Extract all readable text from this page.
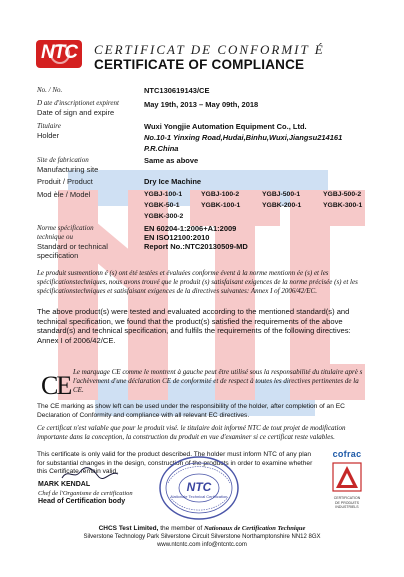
NTC	CERTIFICAT DE CONFORMIT É
CERTIFICATE OF COMPLIANCE
No. / No.	NTC130619143/CE
D ate d'inscriptionet expirent
Date of sign and expire
May 19th, 2013 – May 09th, 2018
Titulaire
Holder
Wuxi Yongjie Automation Equipment Co., Ltd.
No.10-1 Yinxing Road,Hudai,Binhu,Wuxi,Jiangsu214161
P.R.China
Site de fabrication
Manufacturing site
Same as above
Produit / Product	Dry Ice Machine
Mod èle / Model	YGBJ-100-1	YGBJ-100-2	YGBJ-500-1	YGBJ-500-2
YGBK-50-1	YGBK-100-1	YGBK-200-1	YGBK-300-1
YGBK-300-2
Norme spécification
technique ou
Standard or technical
specification
EN 60204-1:2006+A1:2009
EN ISO12100:2010
Report No.:NTC20130509-MD
Le produit susmentionn é (s) ont été testées et évaluées conforme évent à la norme mentionn ée (s) et les spécificationstechniques, nous avons trouvé que le produit (s) satisfaisant exigences de la norme précisée (s) et les spécificationstechniques et satisfaisant exigences de la directives suivantes: Annex I of 2006/42/EC.
The above product(s) were tested and evaluated according to the mentioned standard(s) and technical specification, we found that the product(s) satisfied the requirements of the above standard(s) and technical specification, and fulfils the requirements of the following directives: Annex I of 2006/42/CE.
CE Le marquage CE comme le montrent à gauche peut être utilisé sous la responsabilité du titulaire aprè s l'achèvement d'une déclaration CE de conformité et de respect à toutes les directives pertinentes de la CE.
The CE marking as show left can be used under the responsibility of the holder, after completion of an EC Declaration of Conformity and compliance with all relevant EC directives.
Ce certificat n'est valable que pour le produit visé. le titulaire doit informé NTC de tout projet de modification importante dans la conception, la construction du produit en vue d'examiner si ce certificat reste valables.
This certificate is only valid for the product described. The holder must inform NTC of any plan for substantial changes in the design, construction of the products in order to examine whether this Certificate remain valid.
NTC
Nationale Technical Certification
MARK KENDAL
Chef de l'Organisme de certification
Head of Certification body
cofrac
CERTIFICATION
DE PRODUITS
INDUSTRIELS
CHCS Test Limited, the member of Nationaux de Certification Technique
Silverstone Technology Park Silverstone Circuit Silverstone Northamptonshire NN12 8GX
www.ntcntc.com info@ntcntc.com
